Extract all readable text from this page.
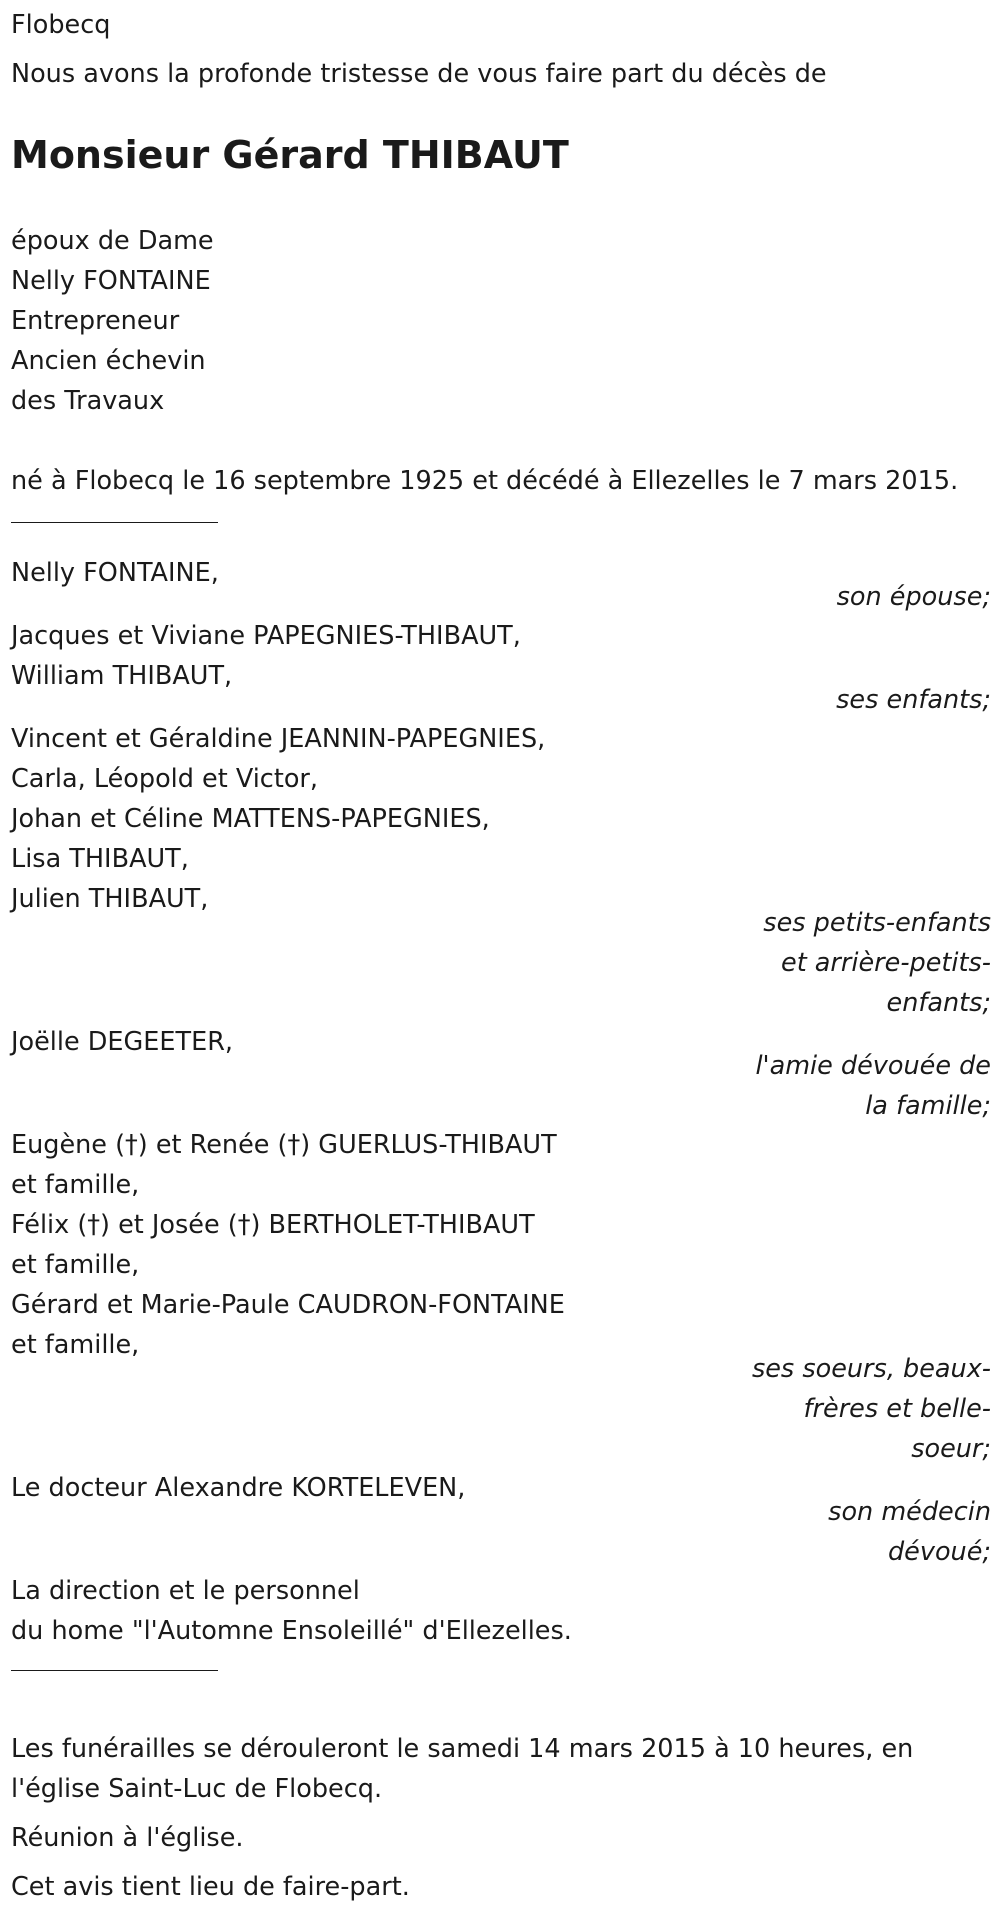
Flobecq
Nous avons la profonde tristesse de vous faire part du décès de
Monsieur Gérard THIBAUT
époux de Dame
Nelly FONTAINE
Entrepreneur
Ancien échevin
des Travaux
né à Flobecq le 16 septembre 1925 et décédé à Ellezelles le 7 mars 2015.
Nelly FONTAINE,
son épouse;
Jacques et Viviane PAPEGNIES-THIBAUT,
William THIBAUT,
ses enfants;
Vincent et Géraldine JEANNIN-PAPEGNIES,
Carla, Léopold et Victor,
Johan et Céline MATTENS-PAPEGNIES,
Lisa THIBAUT,
Julien THIBAUT,
ses petits-enfants
et arrière-petits-
enfants;
Joëlle DEGEETER,
l'amie dévouée de
la famille;
Eugène (†) et Renée (†) GUERLUS-THIBAUT
et famille,
Félix (†) et Josée (†) BERTHOLET-THIBAUT
et famille,
Gérard et Marie-Paule CAUDRON-FONTAINE
et famille,
ses soeurs, beaux-
frères et belle-
soeur;
Le docteur Alexandre KORTELEVEN,
son médecin
dévoué;
La direction et le personnel
du home "l'Automne Ensoleillé" d'Ellezelles.
Les funérailles se dérouleront le samedi 14 mars 2015 à 10 heures, en
l'église Saint-Luc de Flobecq.
Réunion à l'église.
Cet avis tient lieu de faire-part.
